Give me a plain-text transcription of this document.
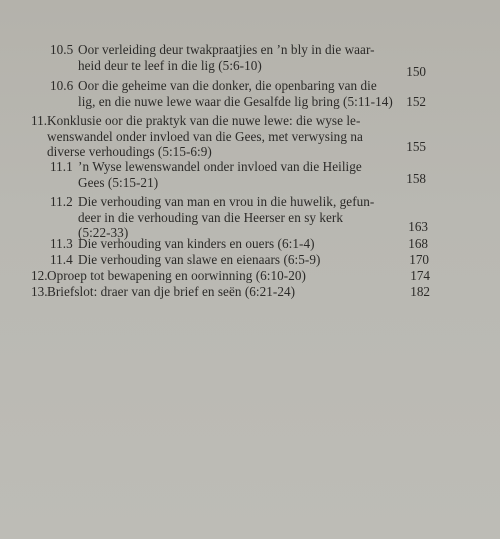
10.5 Oor verleiding deur twakpraatjies en ’n bly in die waar-
heid deur te leef in die lig (5:6-10)	150
10.6 Oor die geheime van die donker, die openbaring van die
lig, en die nuwe lewe waar die Gesalfde lig bring (5:11-14)	152
11. Konklusie oor die praktyk van die nuwe lewe: die wyse le-
wenswandel onder invloed van die Gees, met verwysing na
diverse verhoudings (5:15-6:9)	155
11.1 ’n Wyse lewenswandel onder invloed van die Heilige
Gees (5:15-21)	158
11.2 Die verhouding van man en vrou in die huwelik, gefun-
deer in die verhouding van die Heerser en sy kerk
(5:22-33)	163
11.3 Die verhouding van kinders en ouers (6:1-4)	168
11.4 Die verhouding van slawe en eienaars (6:5-9)	170
12. Oproep tot bewapening en oorwinning (6:10-20)	174
13. Briefslot: draer van dje brief en seën (6:21-24)	182
